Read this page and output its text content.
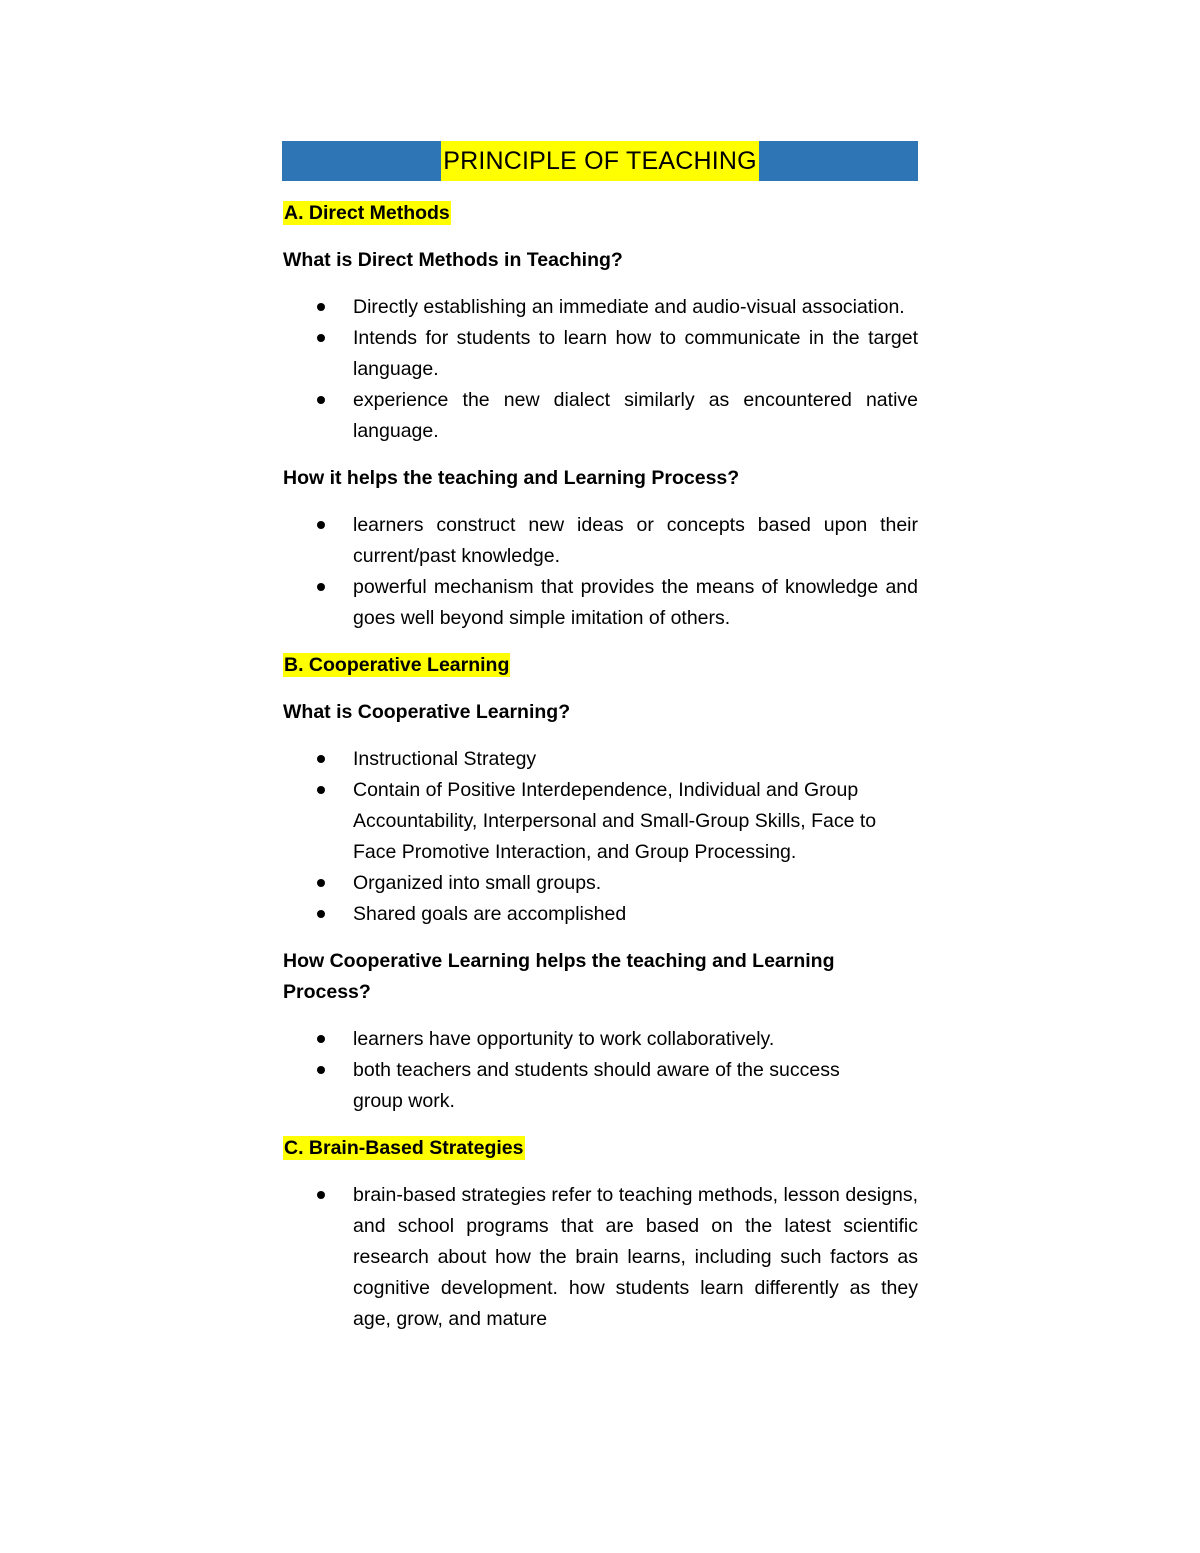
PRINCIPLE OF TEACHING

A. Direct Methods

What is Direct Methods in Teaching?

Directly establishing an immediate and audio-visual association.
Intends for students to learn how to communicate in the target language.
experience the new dialect similarly as encountered native language.

How it helps the teaching and Learning Process?

learners construct new ideas or concepts based upon their current/past knowledge.
powerful mechanism that provides the means of knowledge and goes well beyond simple imitation of others.

B. Cooperative Learning

What is Cooperative Learning?

Instructional Strategy
Contain of Positive Interdependence, Individual and Group Accountability, Interpersonal and Small-Group Skills, Face to Face Promotive Interaction, and Group Processing.
Organized into small groups.
Shared goals are accomplished

How Cooperative Learning helps the teaching and Learning Process?

learners have opportunity to work collaboratively.
both teachers and students should aware of the success group work.

C. Brain-Based Strategies

brain-based strategies refer to teaching methods, lesson designs, and school programs that are based on the latest scientific research about how the brain learns, including such factors as cognitive development. how students learn differently as they age, grow, and mature
